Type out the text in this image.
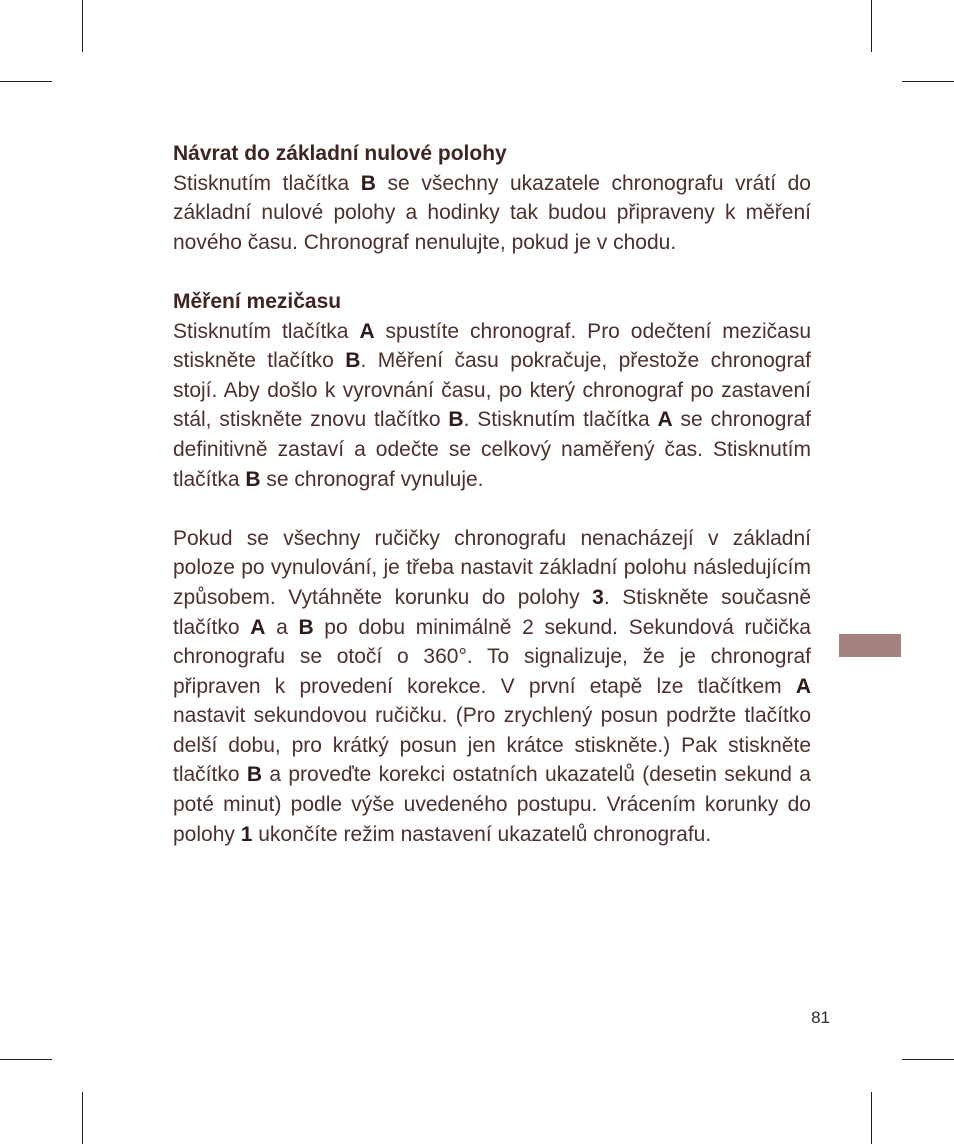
Návrat do základní nulové polohy

Stisknutím tlačítka B se všechny ukazatele chronografu vrátí do základní nulové polohy a hodinky tak budou připraveny k měření nového času. Chronograf nenulujte, pokud je v chodu.

Měření mezičasu

Stisknutím tlačítka A spustíte chronograf. Pro odečtení mezičasu stiskněte tlačítko B. Měření času pokračuje, přestože chronograf stojí. Aby došlo k vyrovnání času, po který chronograf po zastavení stál, stiskněte znovu tlačítko B. Stisknutím tlačítka A se chronograf definitivně zastaví a odečte se celkový naměřený čas. Stisknutím tlačítka B se chronograf vynuluje.

Pokud se všechny ručičky chronografu nenacházejí v základní poloze po vynulování, je třeba nastavit základní polohu následujícím způsobem. Vytáhněte korunku do polohy 3. Stiskněte současně tlačítko A a B po dobu minimálně 2 sekund. Sekundová ručička chronografu se otočí o 360°. To signalizuje, že je chronograf připraven k provedení korekce. V první etapě lze tlačítkem A nastavit sekundovou ručičku. (Pro zrychlený posun podržte tlačítko delší dobu, pro krátký posun jen krátce stiskněte.) Pak stiskněte tlačítko B a proveďte korekci ostatních ukazatelů (desetin sekund a poté minut) podle výše uvedeného postupu. Vrácením korunky do polohy 1 ukončíte režim nastavení ukazatelů chronografu.

81
